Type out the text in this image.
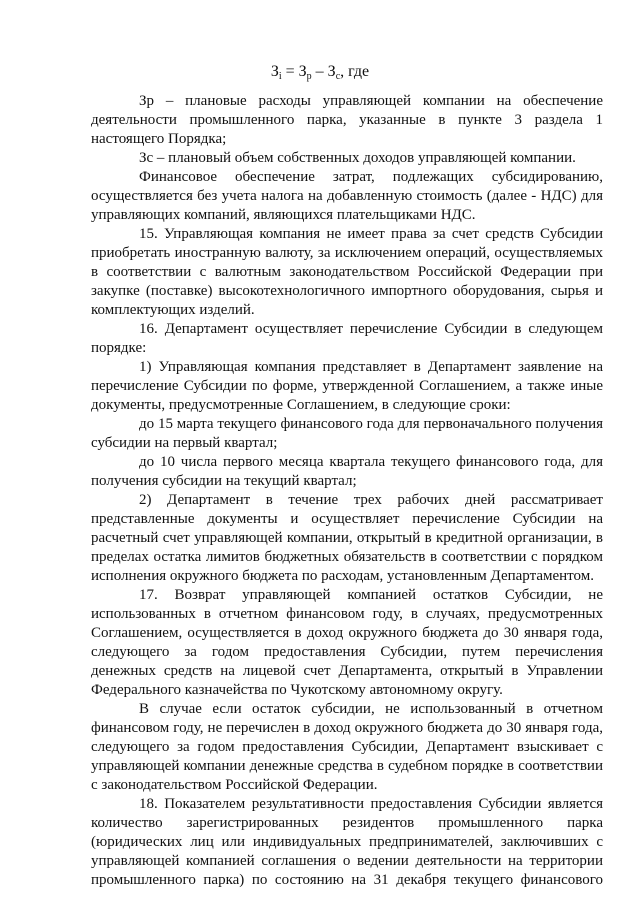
$З_i = З_р - З_с$, где

Зр – плановые расходы управляющей компании на обеспечение деятельности промышленного парка, указанные в пункте 3 раздела 1 настоящего Порядка;

Зс – плановый объем собственных доходов управляющей компании.

Финансовое обеспечение затрат, подлежащих субсидированию, осуществляется без учета налога на добавленную стоимость (далее - НДС) для управляющих компаний, являющихся плательщиками НДС.

15. Управляющая компания не имеет права за счет средств Субсидии приобретать иностранную валюту, за исключением операций, осуществляемых в соответствии с валютным законодательством Российской Федерации при закупке (поставке) высокотехнологичного импортного оборудования, сырья и комплектующих изделий.

16. Департамент осуществляет перечисление Субсидии в следующем порядке:

1) Управляющая компания представляет в Департамент заявление на перечисление Субсидии по форме, утвержденной Соглашением, а также иные документы, предусмотренные Соглашением, в следующие сроки:

до 15 марта текущего финансового года для первоначального получения субсидии на первый квартал;

до 10 числа первого месяца квартала текущего финансового года, для получения субсидии на текущий квартал;

2) Департамент в течение трех рабочих дней рассматривает представленные документы и осуществляет перечисление Субсидии на расчетный счет управляющей компании, открытый в кредитной организации, в пределах остатка лимитов бюджетных обязательств в соответствии с порядком исполнения окружного бюджета по расходам, установленным Департаментом.

17. Возврат управляющей компанией остатков Субсидии, не использованных в отчетном финансовом году, в случаях, предусмотренных Соглашением, осуществляется в доход окружного бюджета до 30 января года, следующего за годом предоставления Субсидии, путем перечисления денежных средств на лицевой счет Департамента, открытый в Управлении Федерального казначейства по Чукотскому автономному округу.

В случае если остаток субсидии, не использованный в отчетном финансовом году, не перечислен в доход окружного бюджета до 30 января года, следующего за годом предоставления Субсидии, Департамент взыскивает с управляющей компании денежные средства в судебном порядке в соответствии с законодательством Российской Федерации.

18. Показателем результативности предоставления Субсидии является количество зарегистрированных резидентов промышленного парка (юридических лиц или индивидуальных предпринимателей, заключивших с управляющей компанией соглашения о ведении деятельности на территории промышленного парка) по состоянию на 31 декабря текущего финансового
